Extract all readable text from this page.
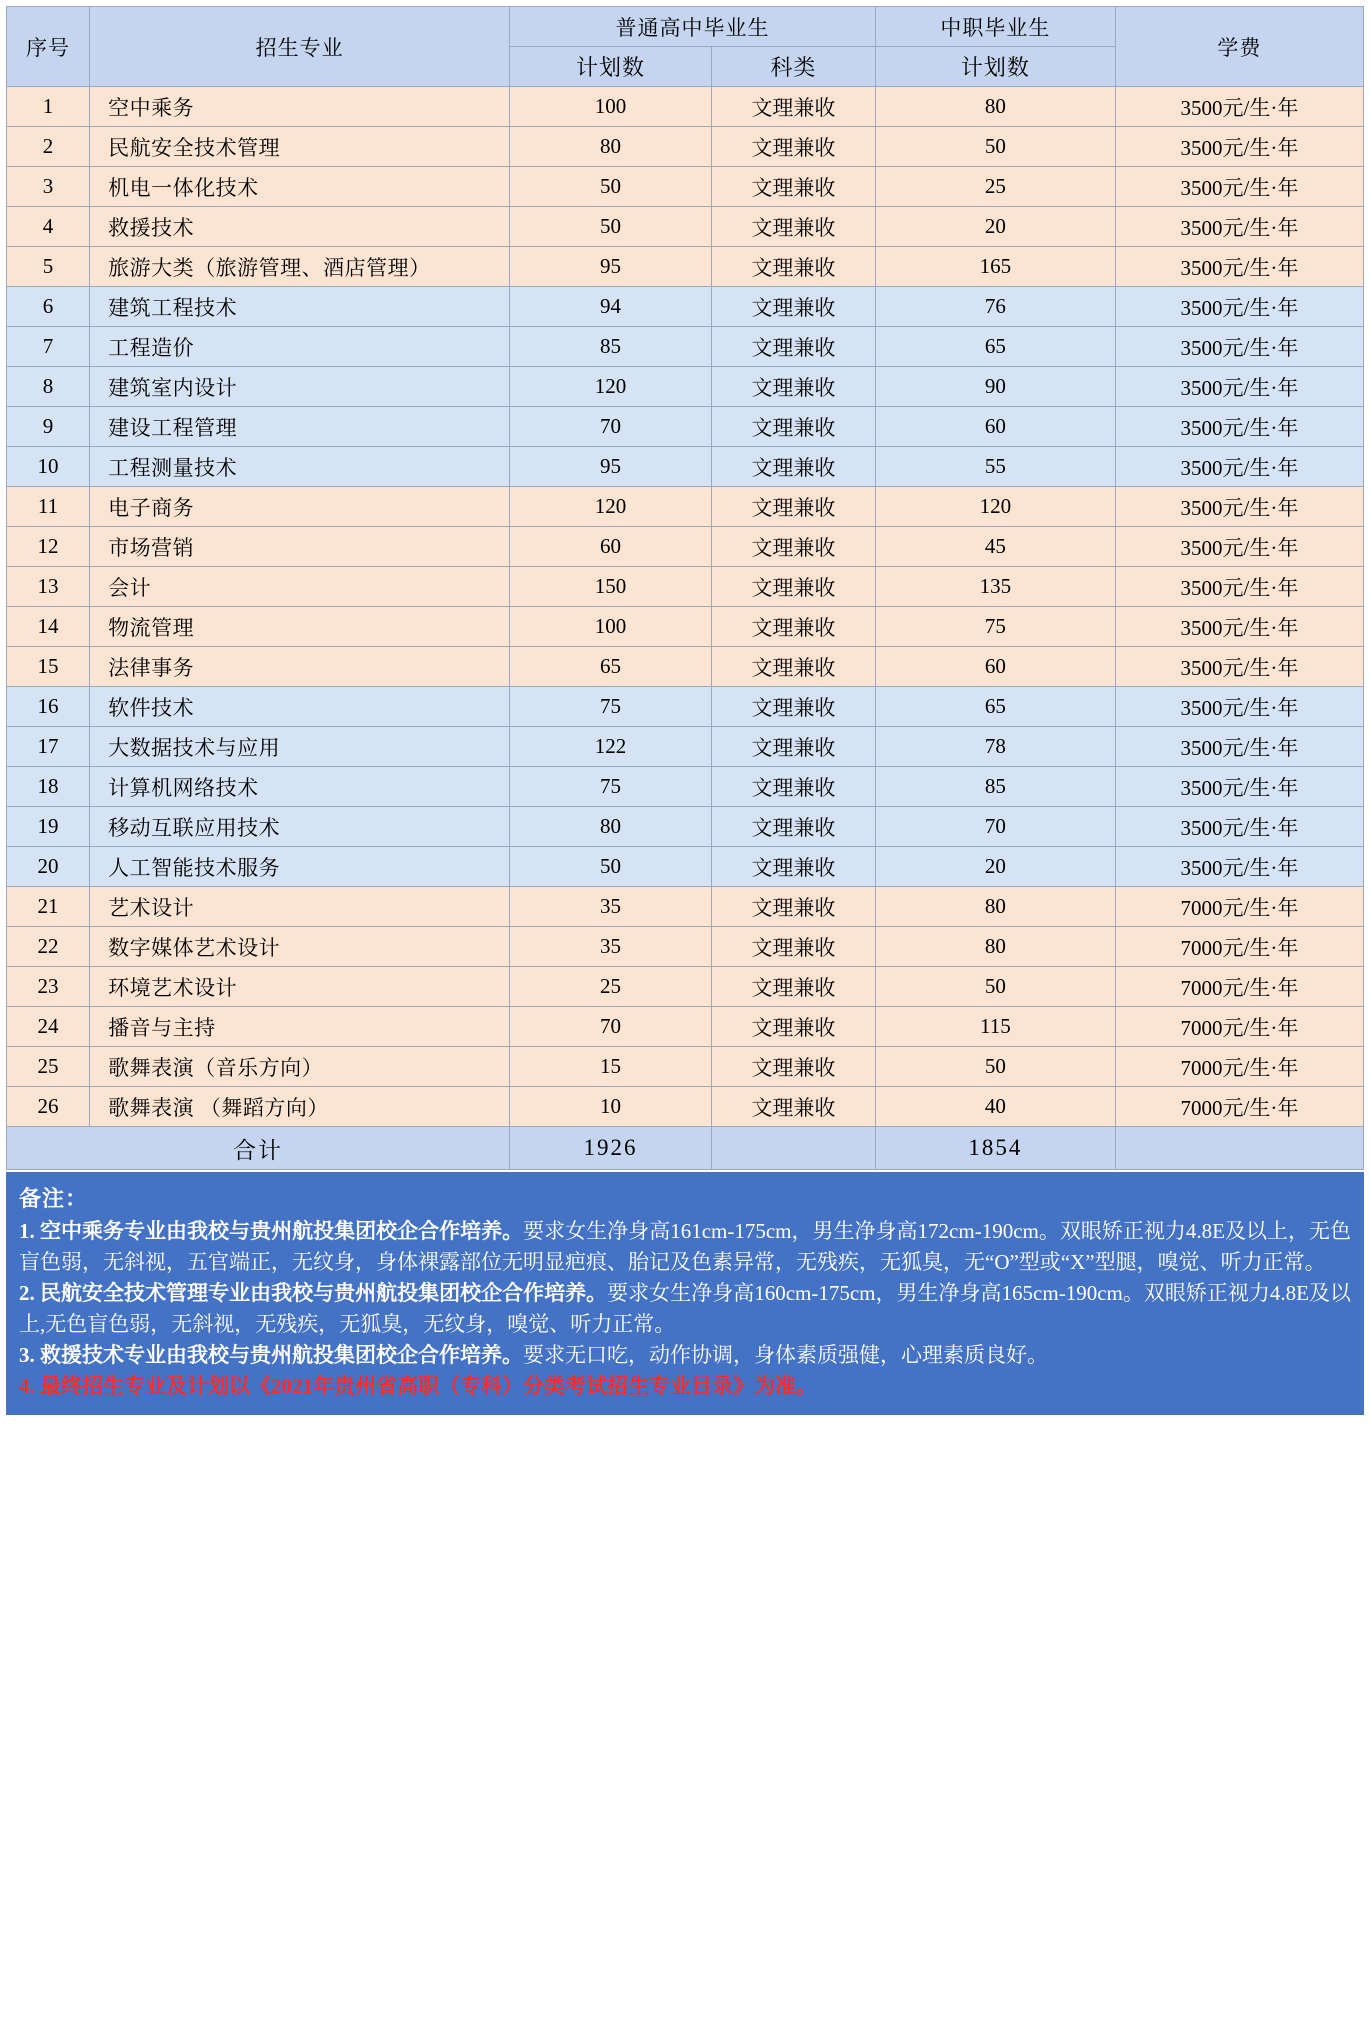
序号	招生专业	普通高中毕业生		中职毕业生	学费
		计划数	科类	计划数	
1	空中乘务	100	文理兼收	80	3500元/生·年
2	民航安全技术管理	80	文理兼收	50	3500元/生·年
3	机电一体化技术	50	文理兼收	25	3500元/生·年
4	救援技术	50	文理兼收	20	3500元/生·年
5	旅游大类（旅游管理、酒店管理）	95	文理兼收	165	3500元/生·年
6	建筑工程技术	94	文理兼收	76	3500元/生·年
7	工程造价	85	文理兼收	65	3500元/生·年
8	建筑室内设计	120	文理兼收	90	3500元/生·年
9	建设工程管理	70	文理兼收	60	3500元/生·年
10	工程测量技术	95	文理兼收	55	3500元/生·年
11	电子商务	120	文理兼收	120	3500元/生·年
12	市场营销	60	文理兼收	45	3500元/生·年
13	会计	150	文理兼收	135	3500元/生·年
14	物流管理	100	文理兼收	75	3500元/生·年
15	法律事务	65	文理兼收	60	3500元/生·年
16	软件技术	75	文理兼收	65	3500元/生·年
17	大数据技术与应用	122	文理兼收	78	3500元/生·年
18	计算机网络技术	75	文理兼收	85	3500元/生·年
19	移动互联应用技术	80	文理兼收	70	3500元/生·年
20	人工智能技术服务	50	文理兼收	20	3500元/生·年
21	艺术设计	35	文理兼收	80	7000元/生·年
22	数字媒体艺术设计	35	文理兼收	80	7000元/生·年
23	环境艺术设计	25	文理兼收	50	7000元/生·年
24	播音与主持	70	文理兼收	115	7000元/生·年
25	歌舞表演（音乐方向）	15	文理兼收	50	7000元/生·年
26	歌舞表演 （舞蹈方向）	10	文理兼收	40	7000元/生·年
合计		1926		1854	

备注：

1. 空中乘务专业由我校与贵州航投集团校企合作培养。要求女生净身高161cm-175cm，男生净身高172cm-190cm。双眼矫正视力4.8E及以上，无色盲色弱，无斜视，五官端正，无纹身，身体裸露部位无明显疤痕、胎记及色素异常，无残疾，无狐臭，无“O”型或“X”型腿，嗅觉、听力正常。

2. 民航安全技术管理专业由我校与贵州航投集团校企合作培养。要求女生净身高160cm-175cm，男生净身高165cm-190cm。双眼矫正视力4.8E及以上,无色盲色弱，无斜视，无残疾，无狐臭，无纹身，嗅觉、听力正常。

3. 救援技术专业由我校与贵州航投集团校企合作培养。要求无口吃，动作协调，身体素质强健，心理素质良好。

4. 最终招生专业及计划以《2021年贵州省高职（专科）分类考试招生专业目录》为准。
